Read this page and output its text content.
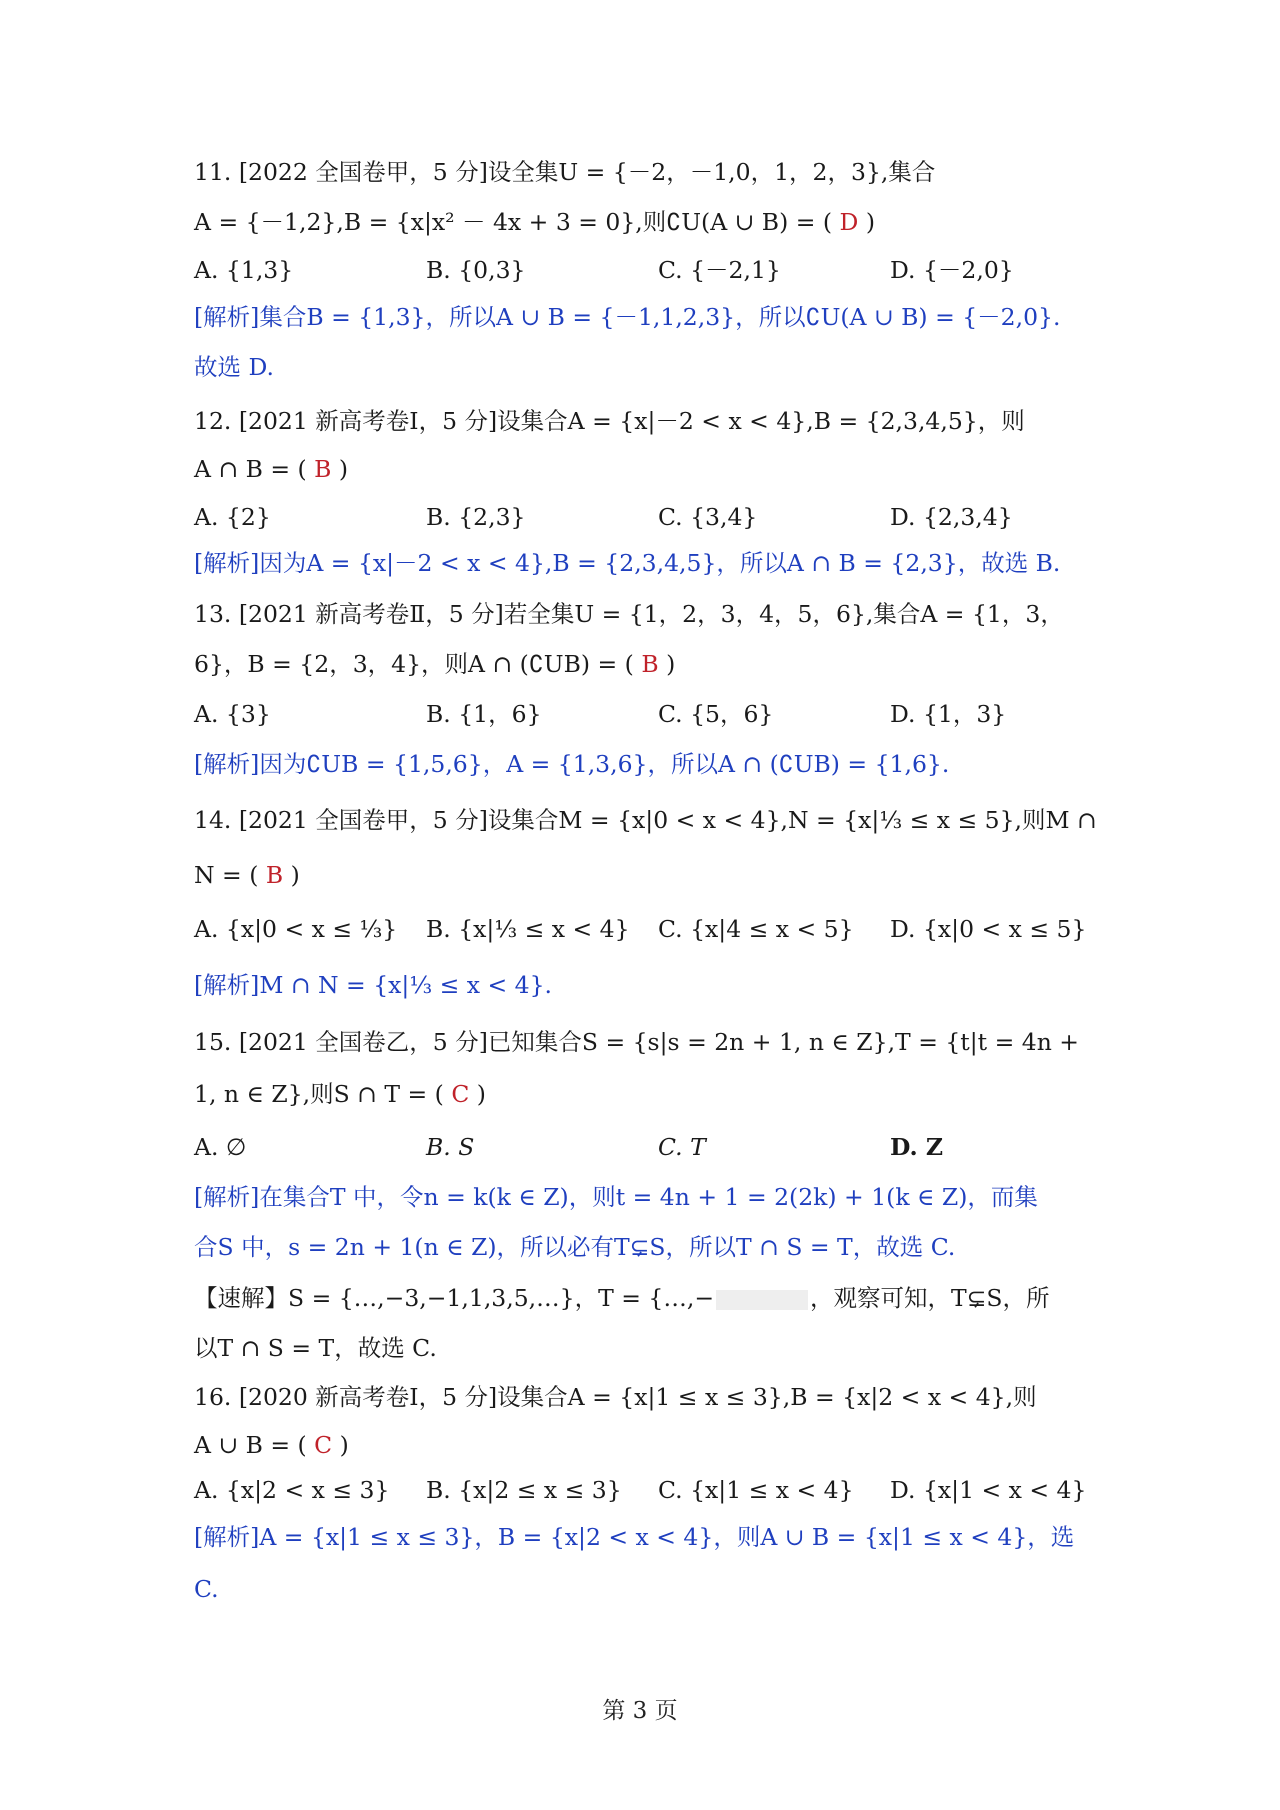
11. [2022 全国卷甲，5 分]设全集U = {－2，－1,0，1，2，3},集合
A = {－1,2},B = {x|x² － 4x + 3 = 0},则∁U(A ∪ B) = ( D )
A. {1,3}	B. {0,3}	C. {－2,1}	D. {－2,0}
[解析]集合B = {1,3}，所以A ∪ B = {－1,1,2,3}，所以∁U(A ∪ B) = {－2,0}.
故选 D.
12. [2021 新高考卷Ⅰ，5 分]设集合A = {x|－2 < x < 4},B = {2,3,4,5}，则
A ∩ B = ( B )
A. {2}	B. {2,3}	C. {3,4}	D. {2,3,4}
[解析]因为A = {x|－2 < x < 4},B = {2,3,4,5}，所以A ∩ B = {2,3}，故选 B.
13. [2021 新高考卷Ⅱ，5 分]若全集U = {1，2，3，4，5，6},集合A = {1，3，
6}，B = {2，3，4}，则A ∩ (∁UB) = ( B )
A. {3}	B. {1，6}	C. {5，6}	D. {1，3}
[解析]因为∁UB = {1,5,6}，A = {1,3,6}，所以A ∩ (∁UB) = {1,6}.
14. [2021 全国卷甲，5 分]设集合M = {x|0 < x < 4},N = {x|⅓ ≤ x ≤ 5},则M ∩
N = ( B )
A. {x|0 < x ≤ ⅓} B. {x|⅓ ≤ x < 4} C. {x|4 ≤ x < 5} D. {x|0 < x ≤ 5}
[解析]M ∩ N = {x|⅓ ≤ x < 4}.
15. [2021 全国卷乙，5 分]已知集合S = {s|s = 2n + 1, n ∈ Z},T = {t|t = 4n +
1, n ∈ Z},则S ∩ T = ( C )
A. ∅	B. S	C. T	D. Z
[解析]在集合T 中，令n = k(k ∈ Z)，则t = 4n + 1 = 2(2k) + 1(k ∈ Z)，而集
合S 中，s = 2n + 1(n ∈ Z)，所以必有T⊊S，所以T ∩ S = T，故选 C.
【速解】S = {…,−3,−1,1,3,5,…}，T = {…,−	，观察可知，T⊊S，所
以T ∩ S = T，故选 C.
16. [2020 新高考卷Ⅰ，5 分]设集合A = {x|1 ≤ x ≤ 3},B = {x|2 < x < 4},则
A ∪ B = ( C )
A. {x|2 < x ≤ 3} B. {x|2 ≤ x ≤ 3} C. {x|1 ≤ x < 4} D. {x|1 < x < 4}
[解析]A = {x|1 ≤ x ≤ 3}，B = {x|2 < x < 4}，则A ∪ B = {x|1 ≤ x < 4}，选
C.
第 3 页
